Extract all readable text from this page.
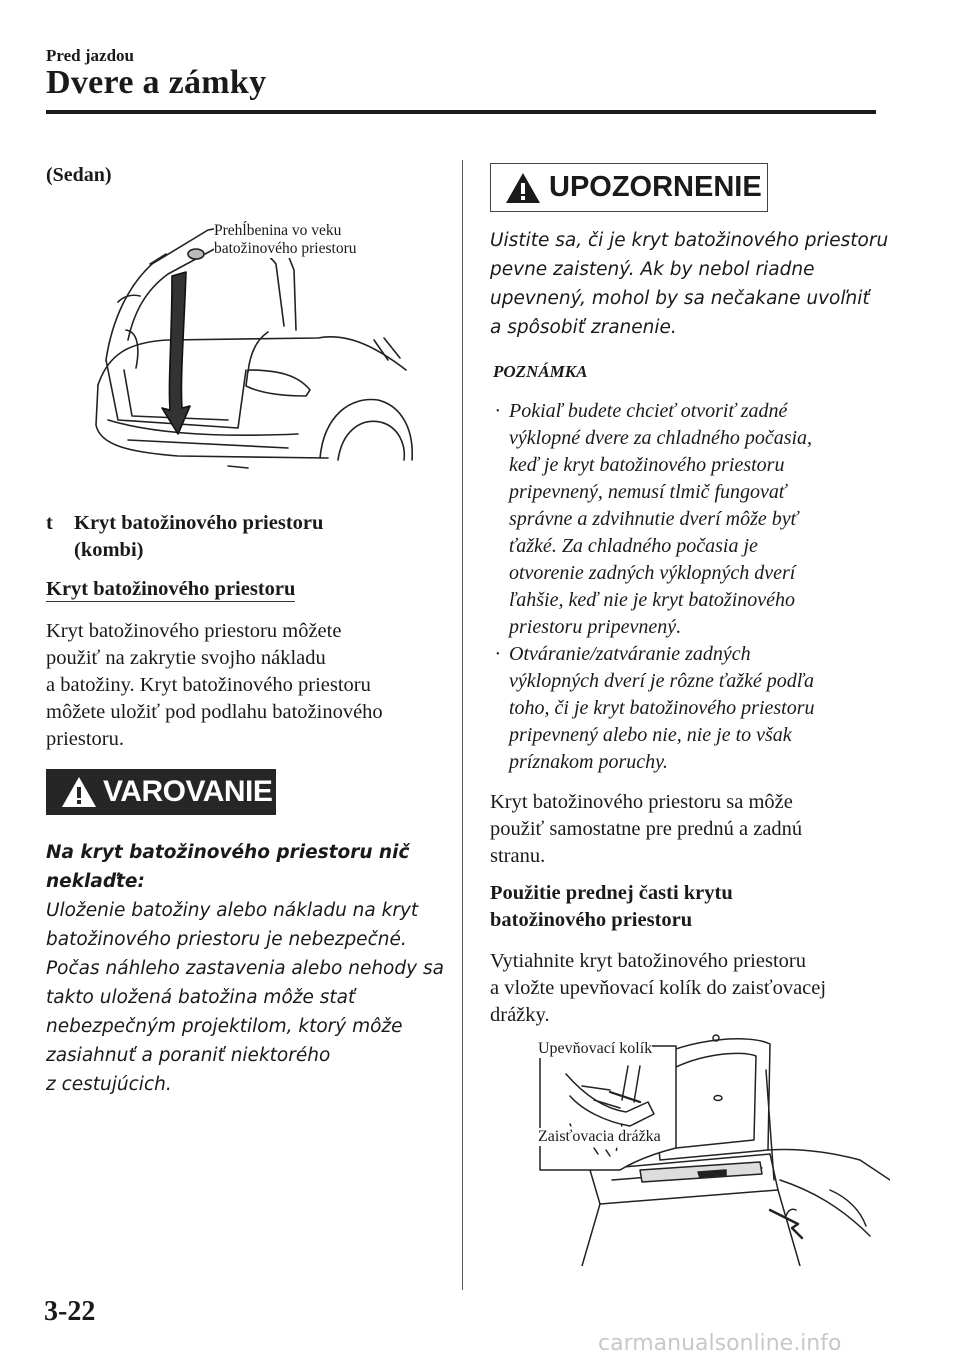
Pred jazdou
Dvere a zámky
(Sedan)
Prehĺbenina vo veku
batožinového priestoru
t Kryt batožinového priestoru
(kombi)
Kryt batožinového priestoru
Kryt batožinového priestoru môžete
použiť na zakrytie svojho nákladu
a batožiny. Kryt batožinového priestoru
môžete uložiť pod podlahu batožinového
priestoru.
VAROVANIE
Na kryt batožinového priestoru nič
neklaďte:
Uloženie batožiny alebo nákladu na kryt
batožinového priestoru je nebezpečné.
Počas náhleho zastavenia alebo nehody sa
takto uložená batožina môže stať
nebezpečným projektilom, ktorý môže
zasiahnuť a poraniť niektorého
z cestujúcich.
UPOZORNENIE
Uistite sa, či je kryt batožinového priestoru
pevne zaistený. Ak by nebol riadne
upevnený, mohol by sa nečakane uvoľniť
a spôsobiť zranenie.
POZNÁMKA
· Pokiaľ budete chcieť otvoriť zadné
výklopné dvere za chladného počasia,
keď je kryt batožinového priestoru
pripevnený, nemusí tlmič fungovať
správne a zdvihnutie dverí môže byť
ťažké. Za chladného počasia je
otvorenie zadných výklopných dverí
ľahšie, keď nie je kryt batožinového
priestoru pripevnený.
· Otváranie/zatváranie zadných
výklopných dverí je rôzne ťažké podľa
toho, či je kryt batožinového priestoru
pripevnený alebo nie, nie je to však
príznakom poruchy.
Kryt batožinového priestoru sa môže
použiť samostatne pre prednú a zadnú
stranu.
Použitie prednej časti krytu
batožinového priestoru
Vytiahnite kryt batožinového priestoru
a vložte upevňovací kolík do zaisťovacej
drážky.
Upevňovací kolík
Zaisťovacia drážka
3-22
carmanualsonline.info
